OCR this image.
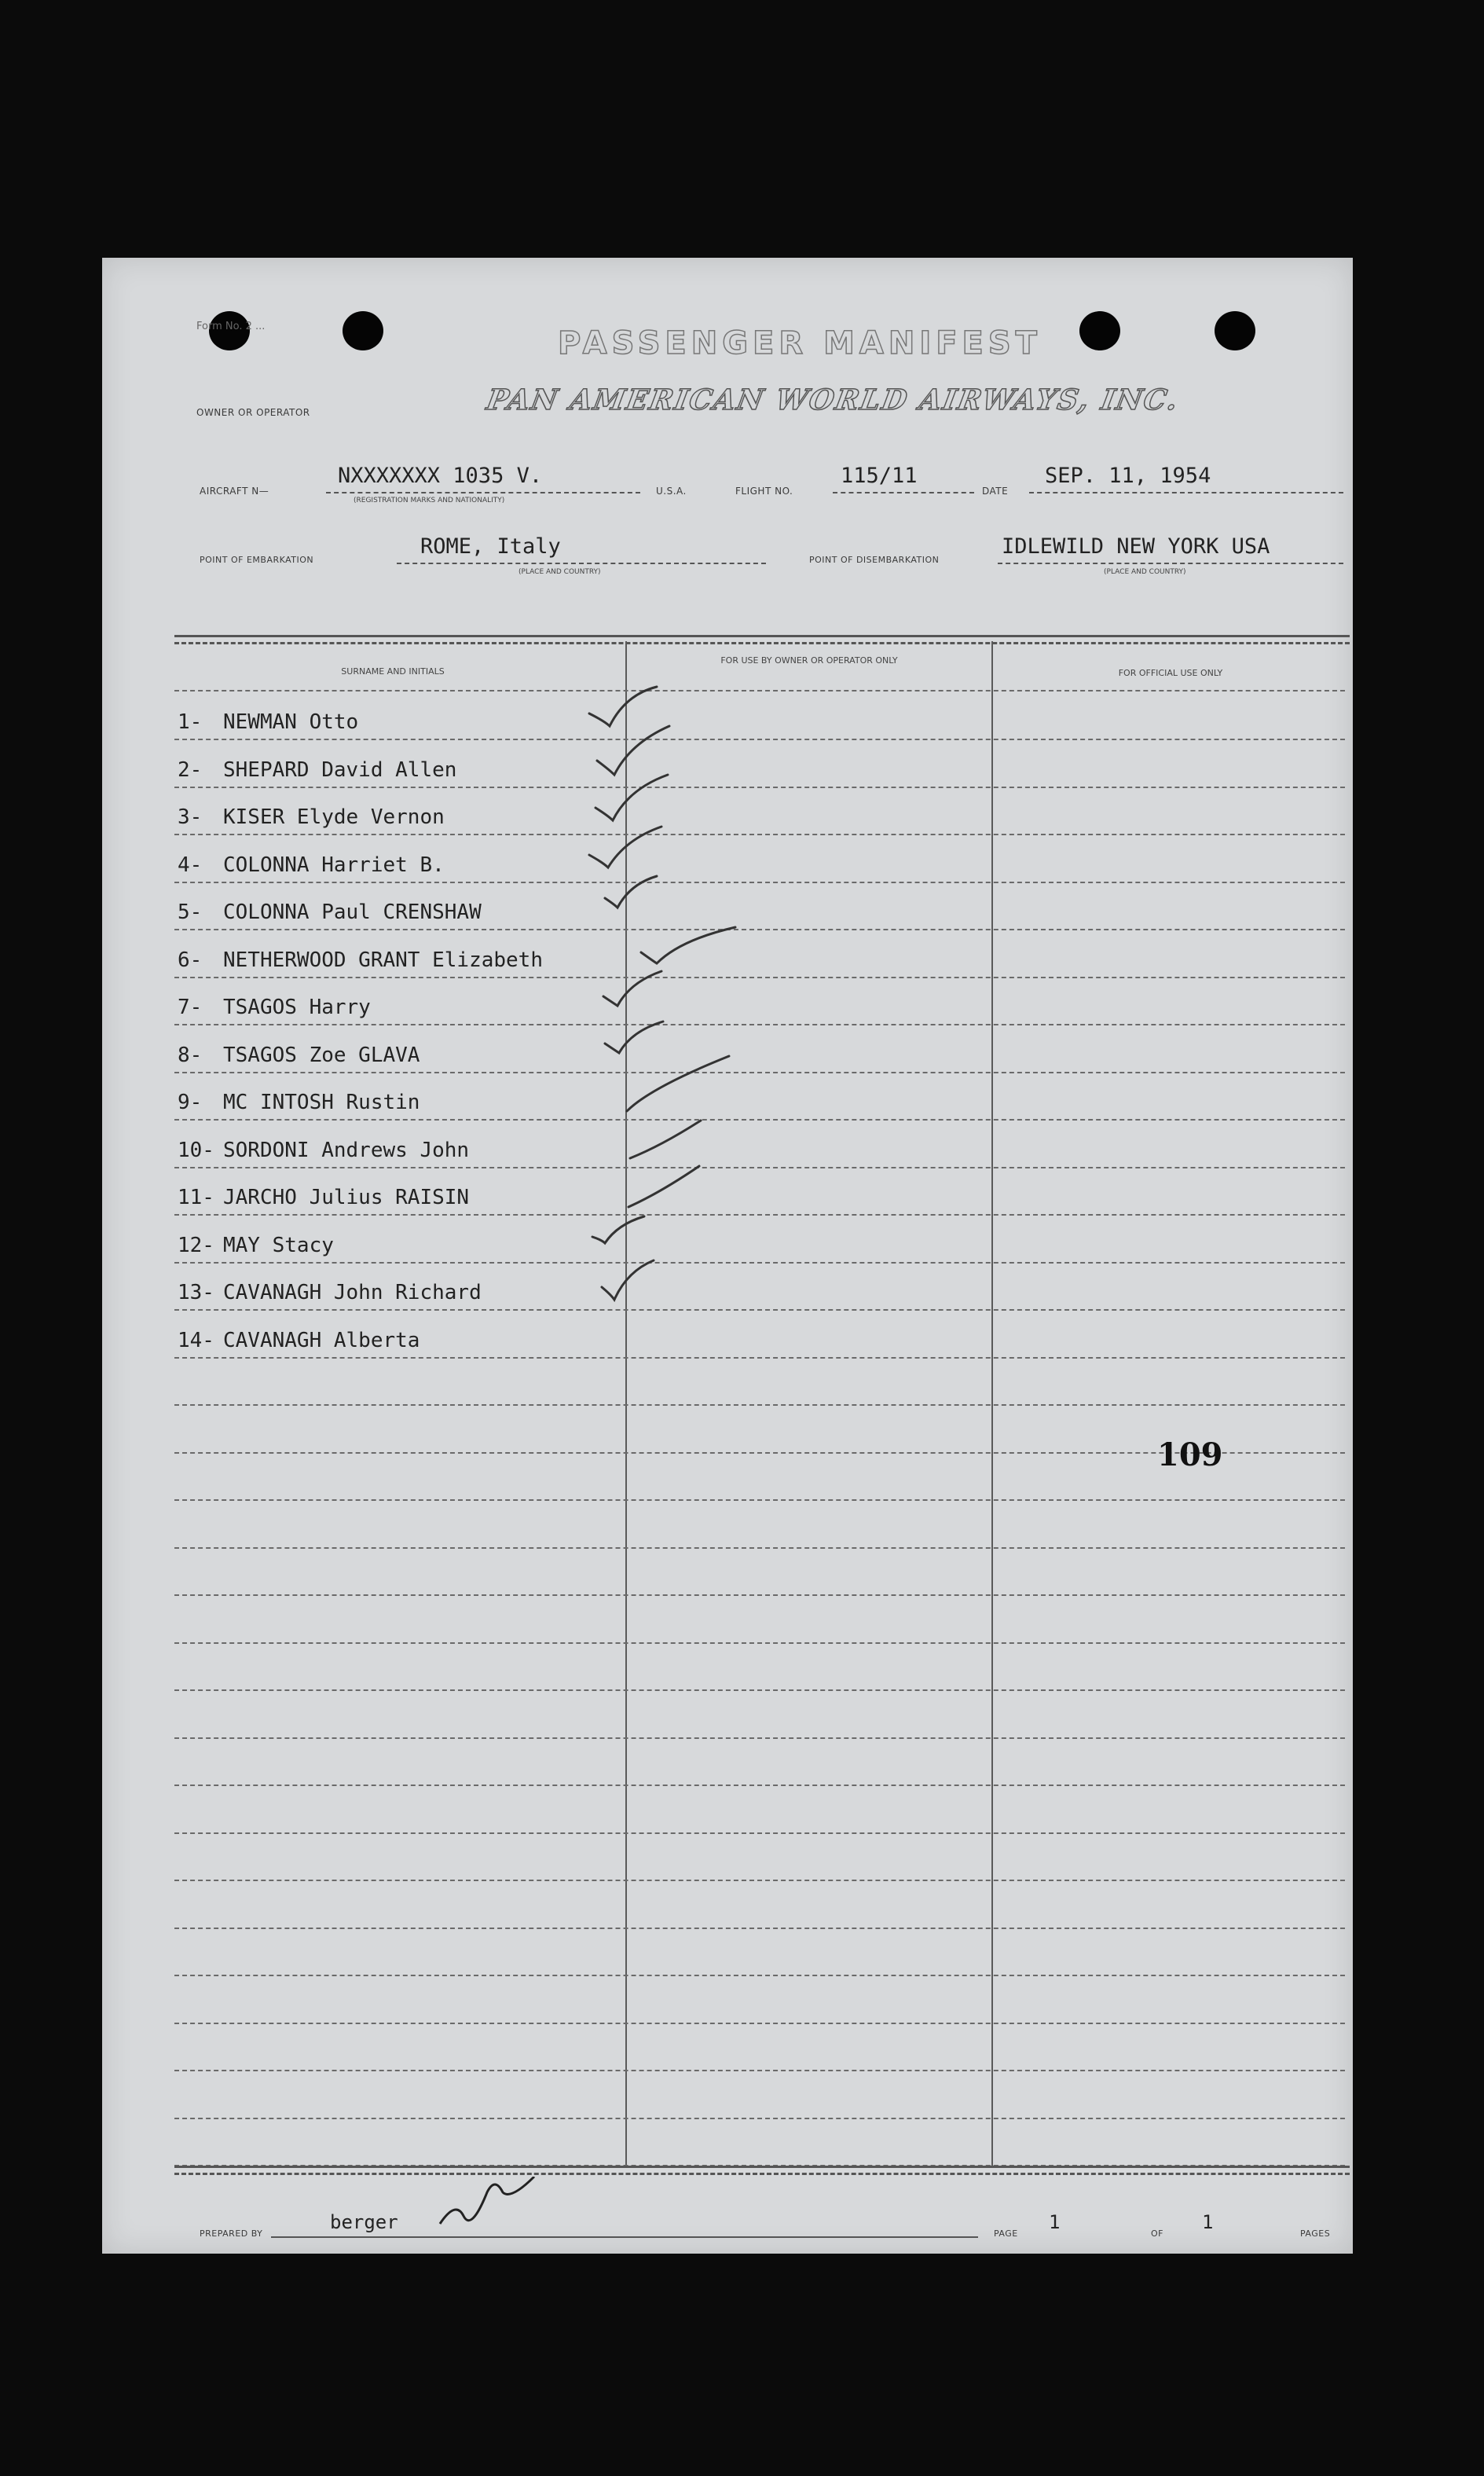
Form No. 2 ...	PASSENGER MANIFEST
OWNER OR OPERATOR	PAN AMERICAN WORLD AIRWAYS, INC.
AIRCRAFT N—
NXXXXXXX 1035 V.
(REGISTRATION MARKS AND NATIONALITY)
U.S.A.	FLIGHT NO.
115/11
DATE
SEP. 11, 1954
POINT OF EMBARKATION
ROME, Italy
(PLACE AND COUNTRY)
POINT OF DISEMBARKATION
IDLEWILD NEW YORK USA
(PLACE AND COUNTRY)
SURNAME AND INITIALS
FOR USE BY OWNER OR OPERATOR ONLY
FOR OFFICIAL USE ONLY
1- NEWMAN Otto
2- SHEPARD David Allen
3- KISER Elyde Vernon
4- COLONNA Harriet B.
5- COLONNA Paul CRENSHAW
6- NETHERWOOD GRANT Elizabeth
7- TSAGOS Harry
8- TSAGOS Zoe GLAVA
9- MC INTOSH Rustin
10- SORDONI Andrews John
11- JARCHO Julius RAISIN
12- MAY Stacy
13- CAVANAGH John Richard
14- CAVANAGH Alberta
109
PREPARED BY
berger
PAGE
1
OF
1
PAGES
